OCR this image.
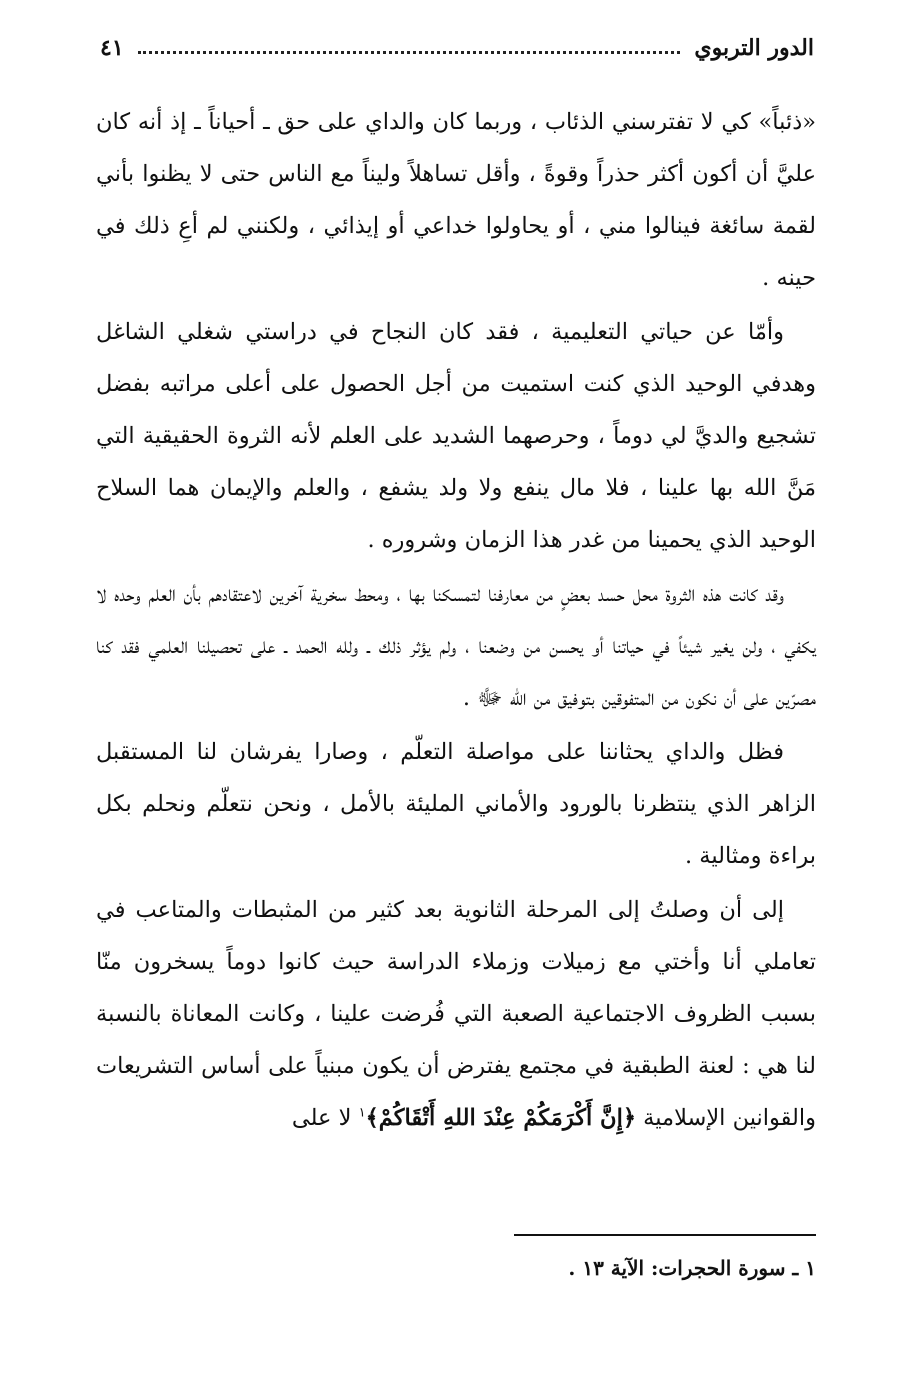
الدور التربوي
٤١

«ذئباً» كي لا تفترسني الذئاب ، وربما كان والداي على حق ـ أحياناً ـ إذ أنه كان عليَّ أن أكون أكثر حذراً وقوةً ، وأقل تساهلاً وليناً مع الناس حتى لا يظنوا بأني لقمة سائغة فينالوا مني ، أو يحاولوا خداعي أو إيذائي ، ولكنني لم أعِ ذلك في حينه .

وأمّا عن حياتي التعليمية ، فقد كان النجاح في دراستي شغلي الشاغل وهدفي الوحيد الذي كنت استميت من أجل الحصول على أعلى مراتبه بفضل تشجيع والديَّ لي دوماً ، وحرصهما الشديد على العلم لأنه الثروة الحقيقية التي مَنَّ الله بها علينا ، فلا مال ينفع ولا ولد يشفع ، والعلم والإيمان هما السلاح الوحيد الذي يحمينا من غدر هذا الزمان وشروره .

وقد كانت هذه الثروة محل حسد بعضٍ من معارفنا لتمسكنا بها ، ومحط سخرية آخرين لاعتقادهم بأن العلم وحده لا يكفي ، ولن يغير شيئاً في حياتنا أو يحسن من وضعنا ، ولم يؤثر ذلك ـ ولله الحمد ـ على تحصيلنا العلمي فقد كنا مصرّين على أن نكون من المتفوقين بتوفيق من الله ﷻ .

فظل والداي يحثاننا على مواصلة التعلّم ، وصارا يفرشان لنا المستقبل الزاهر الذي ينتظرنا بالورود والأماني المليئة بالأمل ، ونحن نتعلّم ونحلم بكل براءة ومثالية .

إلى أن وصلتُ إلى المرحلة الثانوية بعد كثير من المثبطات والمتاعب في تعاملي أنا وأختي مع زميلات وزملاء الدراسة حيث كانوا دوماً يسخرون منّا بسبب الظروف الاجتماعية الصعبة التي فُرضت علينا ، وكانت المعاناة بالنسبة لنا هي : لعنة الطبقية في مجتمع يفترض أن يكون مبنياً على أساس التشريعات والقوانين الإسلامية ﴿إِنَّ أَكْرَمَكُمْ عِنْدَ اللهِ أَتْقَاكُمْ﴾$^١$ لا على

١ ـ سورة الحجرات: الآية ١٣ .
